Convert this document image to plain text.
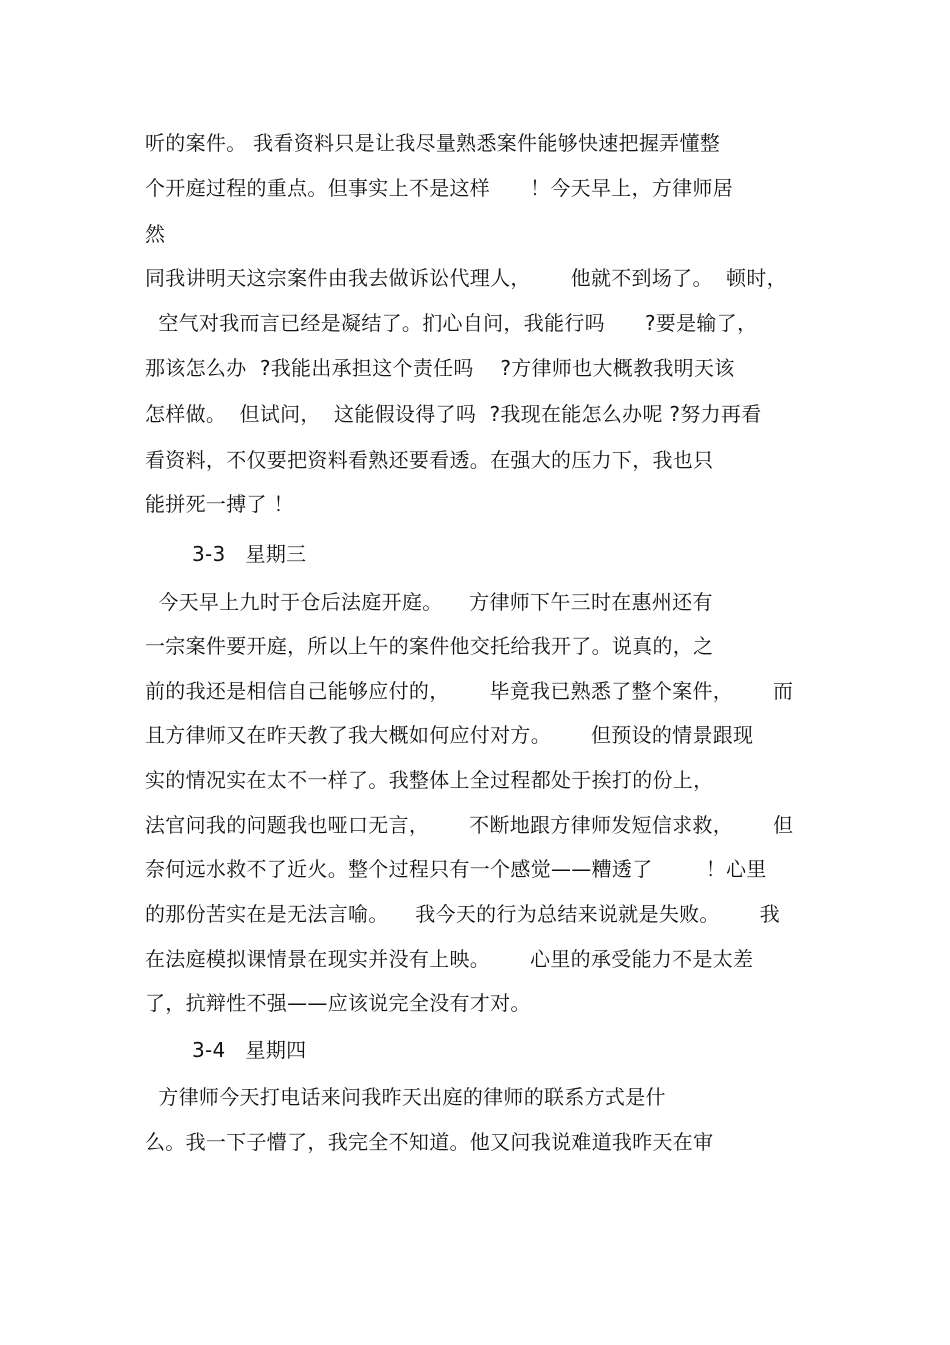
听的案件。 我看资料只是让我尽量熟悉案件能够快速把握弄懂整
个开庭过程的重点。但事实上不是这样      ！今天早上，方律师居
然
同我讲明天这宗案件由我去做诉讼代理人，      他就不到场了。  顿时，
空气对我而言已经是凝结了。扪心自问，我能行吗      ?要是输了，
那该怎么办  ?我能出承担这个责任吗    ?方律师也大概教我明天该
怎样做。  但试问，  这能假设得了吗  ?我现在能怎么办呢 ?努力再看
看资料，不仅要把资料看熟还要看透。在强大的压力下，我也只
能拼死一搏了 ！
3-3   星期三
今天早上九时于仓后法庭开庭。    方律师下午三时在惠州还有
一宗案件要开庭，所以上午的案件他交托给我开了。说真的，之
前的我还是相信自己能够应付的，      毕竟我已熟悉了整个案件，      而
且方律师又在昨天教了我大概如何应付对方。      但预设的情景跟现
实的情况实在太不一样了。我整体上全过程都处于挨打的份上，
法官问我的问题我也哑口无言，      不断地跟方律师发短信求救，      但
奈何远水救不了近火。整个过程只有一个感觉——糟透了        ！心里
的那份苦实在是无法言喻。    我今天的行为总结来说就是失败。      我
在法庭模拟课情景在现实并没有上映。      心里的承受能力不是太差
了，抗辩性不强——应该说完全没有才对。
3-4   星期四
方律师今天打电话来问我昨天出庭的律师的联系方式是什
么。我一下子懵了，我完全不知道。他又问我说难道我昨天在审
